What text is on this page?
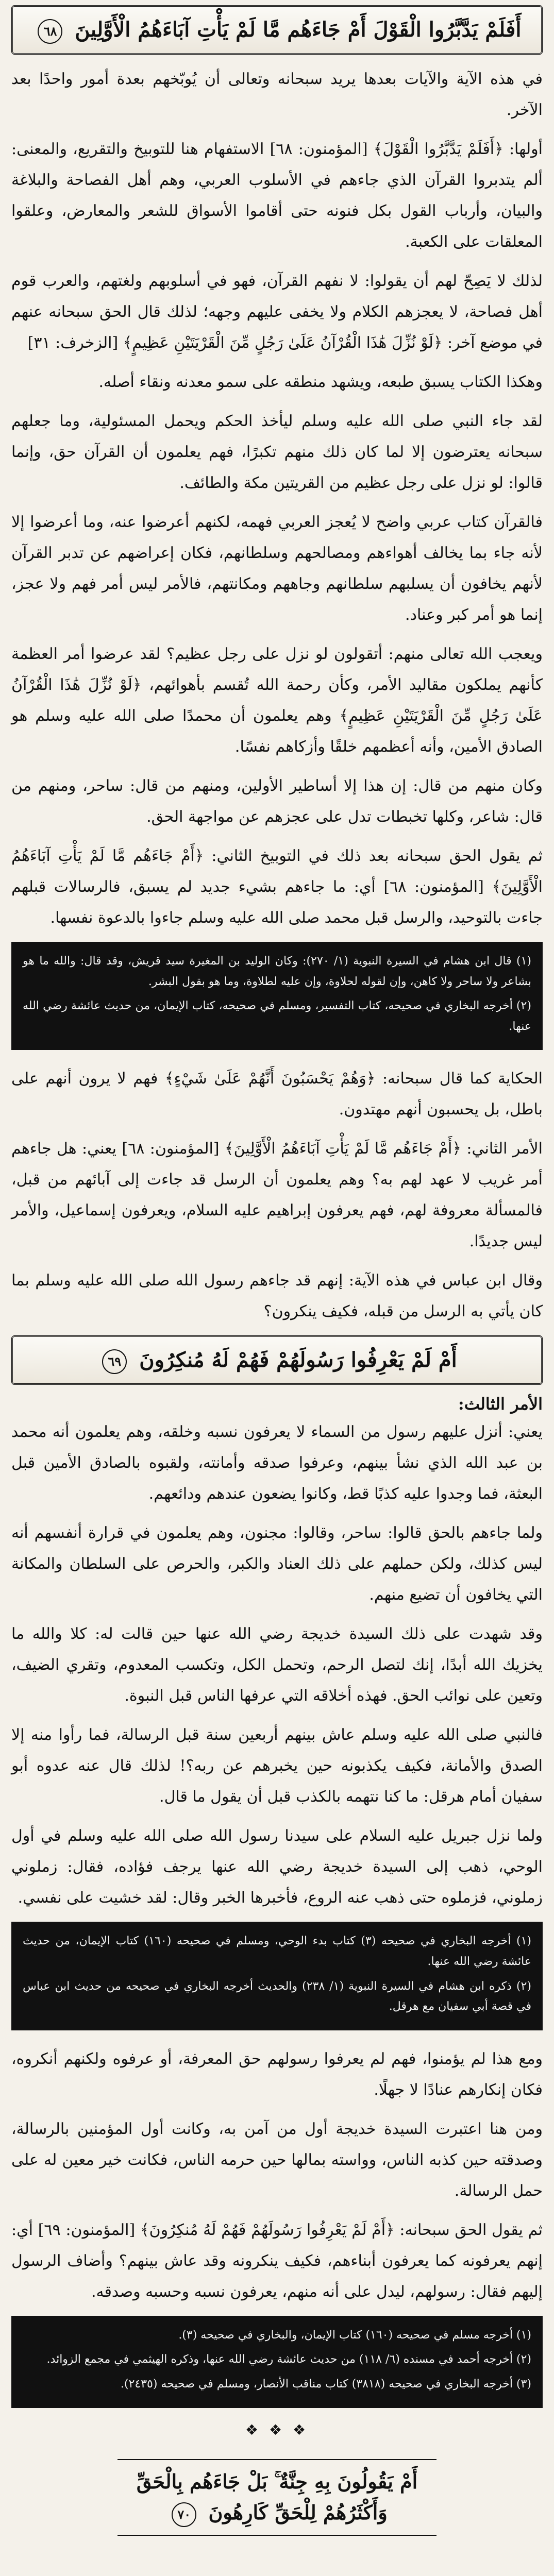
أَفَلَمْ يَدَّبَّرُوا الْقَوْلَ أَمْ جَاءَهُم مَّا لَمْ يَأْتِ آبَاءَهُمُ الْأَوَّلِينَ ٦٨

في هذه الآية والآيات بعدها يريد سبحانه وتعالى أن يُوبّخهم بعدة أمور واحدًا بعد الآخر.

أولها: ﴿أَفَلَمْ يَدَّبَّرُوا الْقَوْلَ﴾ [المؤمنون: ٦٨] الاستفهام هنا للتوبيخ والتقريع، والمعنى: ألم يتدبروا القرآن الذي جاءهم في الأسلوب العربي، وهم أهل الفصاحة والبلاغة والبيان، وأرباب القول بكل فنونه حتى أقاموا الأسواق للشعر والمعارض، وعلقوا المعلقات على الكعبة.

لذلك لا يَصِحّ لهم أن يقولوا: لا نفهم القرآن، فهو في أسلوبهم ولغتهم، والعرب قوم أهل فصاحة، لا يعجزهم الكلام ولا يخفى عليهم وجهه؛ لذلك قال الحق سبحانه عنهم في موضع آخر: ﴿لَوْ نُزِّلَ هَٰذَا الْقُرْآنُ عَلَىٰ رَجُلٍ مِّنَ الْقَرْيَتَيْنِ عَظِيمٍ﴾ [الزخرف: ٣١]

وهكذا الكتاب يسبق طبعه، ويشهد منطقه على سمو معدنه ونقاء أصله.

لقد جاء النبي صلى الله عليه وسلم ليأخذ الحكم ويحمل المسئولية، وما جعلهم سبحانه يعترضون إلا لما كان ذلك منهم تكبرًا، فهم يعلمون أن القرآن حق، وإنما قالوا: لو نزل على رجل عظيم من القريتين مكة والطائف.

فالقرآن كتاب عربي واضح لا يُعجز العربي فهمه، لكنهم أعرضوا عنه، وما أعرضوا إلا لأنه جاء بما يخالف أهواءهم ومصالحهم وسلطانهم، فكان إعراضهم عن تدبر القرآن لأنهم يخافون أن يسلبهم سلطانهم وجاههم ومكانتهم، فالأمر ليس أمر فهم ولا عجز، إنما هو أمر كبر وعناد.

ويعجب الله تعالى منهم: أتقولون لو نزل على رجل عظيم؟ لقد عرضوا أمر العظمة كأنهم يملكون مقاليد الأمر، وكأن رحمة الله تُقسم بأهوائهم، ﴿لَوْ نُزِّلَ هَٰذَا الْقُرْآنُ عَلَىٰ رَجُلٍ مِّنَ الْقَرْيَتَيْنِ عَظِيمٍ﴾ وهم يعلمون أن محمدًا صلى الله عليه وسلم هو الصادق الأمين، وأنه أعظمهم خلقًا وأزكاهم نفسًا.

وكان منهم من قال: إن هذا إلا أساطير الأولين، ومنهم من قال: ساحر، ومنهم من قال: شاعر، وكلها تخبطات تدل على عجزهم عن مواجهة الحق.

ثم يقول الحق سبحانه بعد ذلك في التوبيخ الثاني: ﴿أَمْ جَاءَهُم مَّا لَمْ يَأْتِ آبَاءَهُمُ الْأَوَّلِينَ﴾ [المؤمنون: ٦٨] أي: ما جاءهم بشيء جديد لم يسبق، فالرسالات قبلهم جاءت بالتوحيد، والرسل قبل محمد صلى الله عليه وسلم جاءوا بالدعوة نفسها.

(١) قال ابن هشام في السيرة النبوية (١/ ٢٧٠): وكان الوليد بن المغيرة سيد قريش، وقد قال: والله ما هو بشاعر ولا ساحر ولا كاهن، وإن لقوله لحلاوة، وإن عليه لطلاوة، وما هو بقول البشر.

(٢) أخرجه البخاري في صحيحه، كتاب التفسير، ومسلم في صحيحه، كتاب الإيمان، من حديث عائشة رضي الله عنها.

الحكاية كما قال سبحانه: ﴿وَهُمْ يَحْسَبُونَ أَنَّهُمْ عَلَىٰ شَيْءٍ﴾ فهم لا يرون أنهم على باطل، بل يحسبون أنهم مهتدون.

الأمر الثاني: ﴿أَمْ جَاءَهُم مَّا لَمْ يَأْتِ آبَاءَهُمُ الْأَوَّلِينَ﴾ [المؤمنون: ٦٨] يعني: هل جاءهم أمر غريب لا عهد لهم به؟ وهم يعلمون أن الرسل قد جاءت إلى آبائهم من قبل، فالمسألة معروفة لهم، فهم يعرفون إبراهيم عليه السلام، ويعرفون إسماعيل، والأمر ليس جديدًا.

وقال ابن عباس في هذه الآية: إنهم قد جاءهم رسول الله صلى الله عليه وسلم بما كان يأتي به الرسل من قبله، فكيف ينكرون؟

أَمْ لَمْ يَعْرِفُوا رَسُولَهُمْ فَهُمْ لَهُ مُنكِرُونَ ٦٩
الأمر الثالث:

يعني: أنزل عليهم رسول من السماء لا يعرفون نسبه وخلقه، وهم يعلمون أنه محمد بن عبد الله الذي نشأ بينهم، وعرفوا صدقه وأمانته، ولقبوه بالصادق الأمين قبل البعثة، فما وجدوا عليه كذبًا قط، وكانوا يضعون عندهم ودائعهم.

ولما جاءهم بالحق قالوا: ساحر، وقالوا: مجنون، وهم يعلمون في قرارة أنفسهم أنه ليس كذلك، ولكن حملهم على ذلك العناد والكبر، والحرص على السلطان والمكانة التي يخافون أن تضيع منهم.

وقد شهدت على ذلك السيدة خديجة رضي الله عنها حين قالت له: كلا والله ما يخزيك الله أبدًا، إنك لتصل الرحم، وتحمل الكل، وتكسب المعدوم، وتقري الضيف، وتعين على نوائب الحق. فهذه أخلاقه التي عرفها الناس قبل النبوة.

فالنبي صلى الله عليه وسلم عاش بينهم أربعين سنة قبل الرسالة، فما رأوا منه إلا الصدق والأمانة، فكيف يكذبونه حين يخبرهم عن ربه؟! لذلك قال عنه عدوه أبو سفيان أمام هرقل: ما كنا نتهمه بالكذب قبل أن يقول ما قال.

ولما نزل جبريل عليه السلام على سيدنا رسول الله صلى الله عليه وسلم في أول الوحي، ذهب إلى السيدة خديجة رضي الله عنها يرجف فؤاده، فقال: زملوني زملوني، فزملوه حتى ذهب عنه الروع، فأخبرها الخبر وقال: لقد خشيت على نفسي.

(١) أخرجه البخاري في صحيحه (٣) كتاب بدء الوحي، ومسلم في صحيحه (١٦٠) كتاب الإيمان، من حديث عائشة رضي الله عنها.

(٢) ذكره ابن هشام في السيرة النبوية (١/ ٢٣٨) والحديث أخرجه البخاري في صحيحه من حديث ابن عباس في قصة أبي سفيان مع هرقل.

ومع هذا لم يؤمنوا، فهم لم يعرفوا رسولهم حق المعرفة، أو عرفوه ولكنهم أنكروه، فكان إنكارهم عنادًا لا جهلًا.

ومن هنا اعتبرت السيدة خديجة أول من آمن به، وكانت أول المؤمنين بالرسالة، وصدقته حين كذبه الناس، وواسته بمالها حين حرمه الناس، فكانت خير معين له على حمل الرسالة.

ثم يقول الحق سبحانه: ﴿أَمْ لَمْ يَعْرِفُوا رَسُولَهُمْ فَهُمْ لَهُ مُنكِرُونَ﴾ [المؤمنون: ٦٩] أي: إنهم يعرفونه كما يعرفون أبناءهم، فكيف ينكرونه وقد عاش بينهم؟ وأضاف الرسول إليهم فقال: رسولهم، ليدل على أنه منهم، يعرفون نسبه وحسبه وصدقه.

(١) أخرجه مسلم في صحيحه (١٦٠) كتاب الإيمان، والبخاري في صحيحه (٣).

(٢) أخرجه أحمد في مسنده (٦/ ١١٨) من حديث عائشة رضي الله عنها، وذكره الهيثمي في مجمع الزوائد.

(٣) أخرجه البخاري في صحيحه (٣٨١٨) كتاب مناقب الأنصار، ومسلم في صحيحه (٢٤٣٥).

❖ ❖ ❖
أَمْ يَقُولُونَ بِهِ جِنَّةٌ ۚ بَلْ جَاءَهُم بِالْحَقِّ وَأَكْثَرُهُمْ لِلْحَقِّ كَارِهُونَ ٧٠
